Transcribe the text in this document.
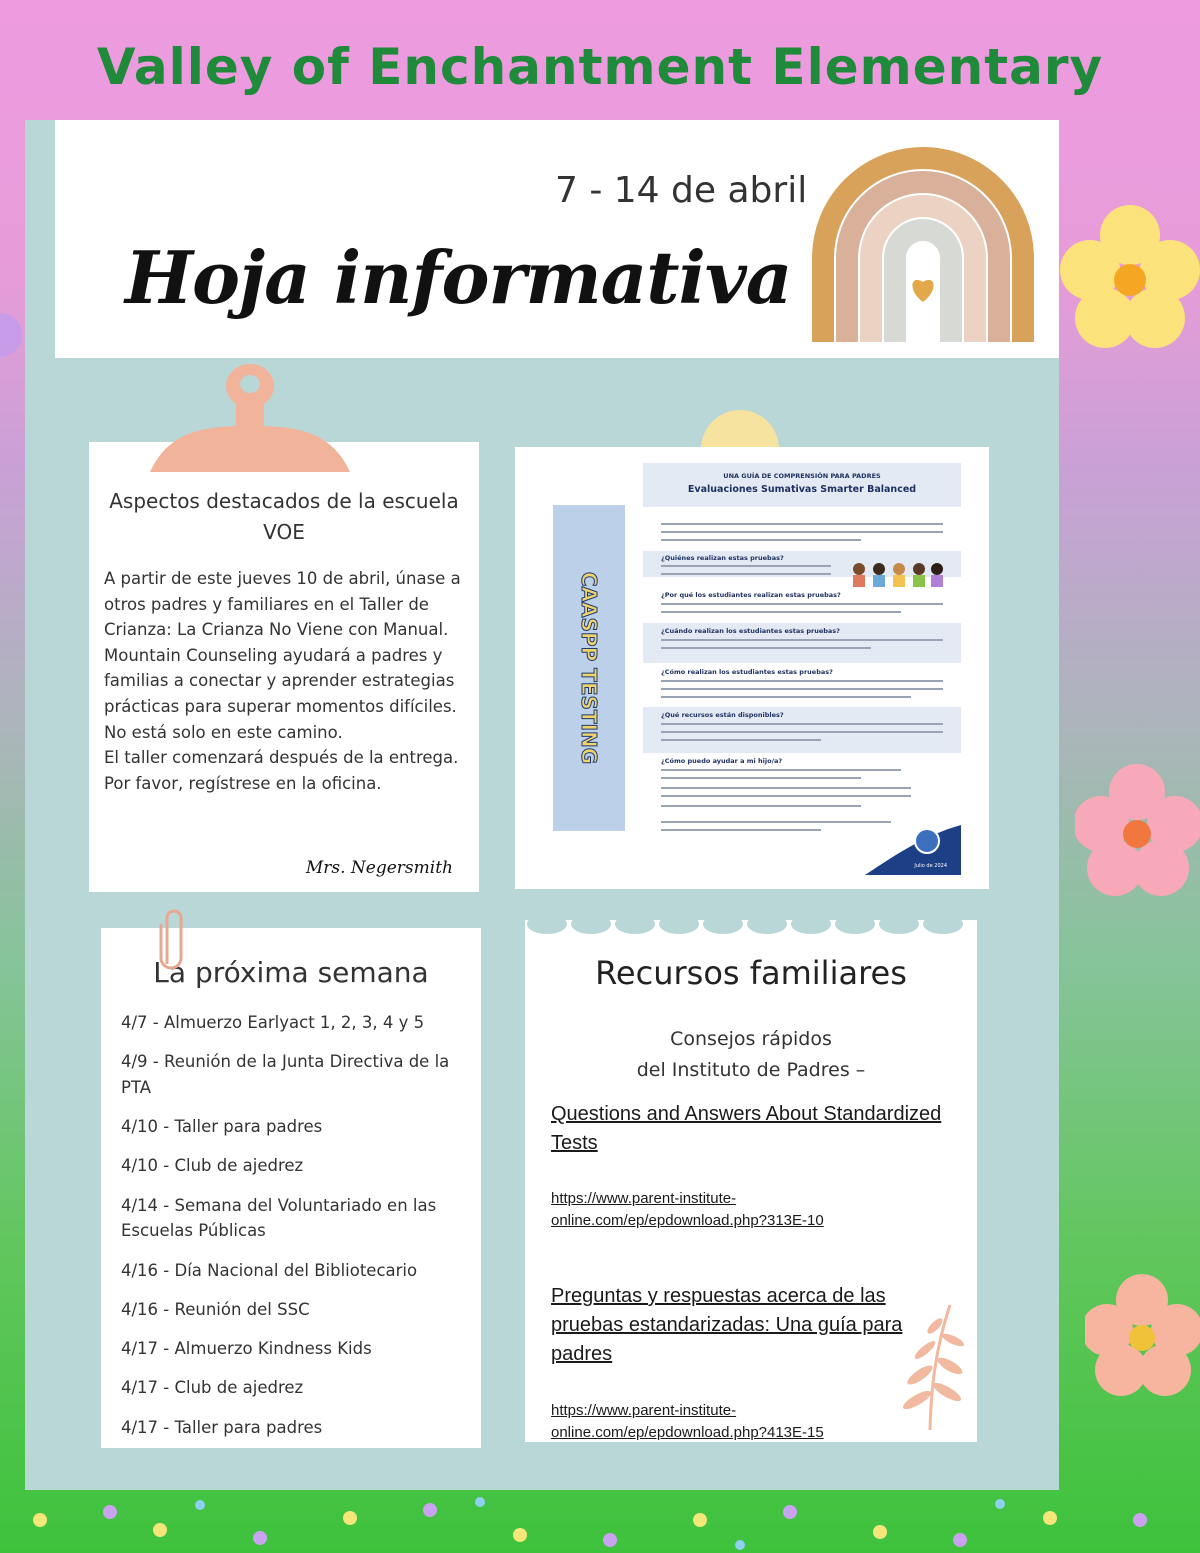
Valley of Enchantment Elementary
7 - 14 de abril
Hoja informativa
Aspectos destacados de la escuela VOE

A partir de este jueves 10 de abril, únase a otros padres y familiares en el Taller de Crianza: La Crianza No Viene con Manual. Mountain Counseling ayudará a padres y familias a conectar y aprender estrategias prácticas para superar momentos difíciles. No está solo en este camino.

El taller comenzará después de la entrega. Por favor, regístrese en la oficina.

Mrs. Negersmith
CAASPP TESTING
UNA GUÍA DE COMPRENSIÓN PARA PADRES
Evaluaciones Sumativas Smarter Balanced
¿Quiénes realizan estas pruebas?
¿Por qué los estudiantes realizan estas pruebas?
¿Cuándo realizan los estudiantes estas pruebas?
¿Cómo realizan los estudiantes estas pruebas?
¿Qué recursos están disponibles?
¿Cómo puedo ayudar a mi hijo/a?
Julio de 2024
La próxima semana
4/7 - Almuerzo Earlyact 1, 2, 3, 4 y 5
4/9 - Reunión de la Junta Directiva de la PTA
4/10 - Taller para padres
4/10 - Club de ajedrez
4/14 - Semana del Voluntariado en las Escuelas Públicas
4/16 - Día Nacional del Bibliotecario
4/16 - Reunión del SSC
4/17 - Almuerzo Kindness Kids
4/17 - Club de ajedrez
4/17 - Taller para padres
Recursos familiares
Consejos rápidos
del Instituto de Padres –
Questions and Answers About Standardized Tests
https://www.parent-institute-online.com/ep/epdownload.php?313E-10
Preguntas y respuestas acerca de las pruebas estandarizadas: Una guía para padres
https://www.parent-institute-online.com/ep/epdownload.php?413E-15
